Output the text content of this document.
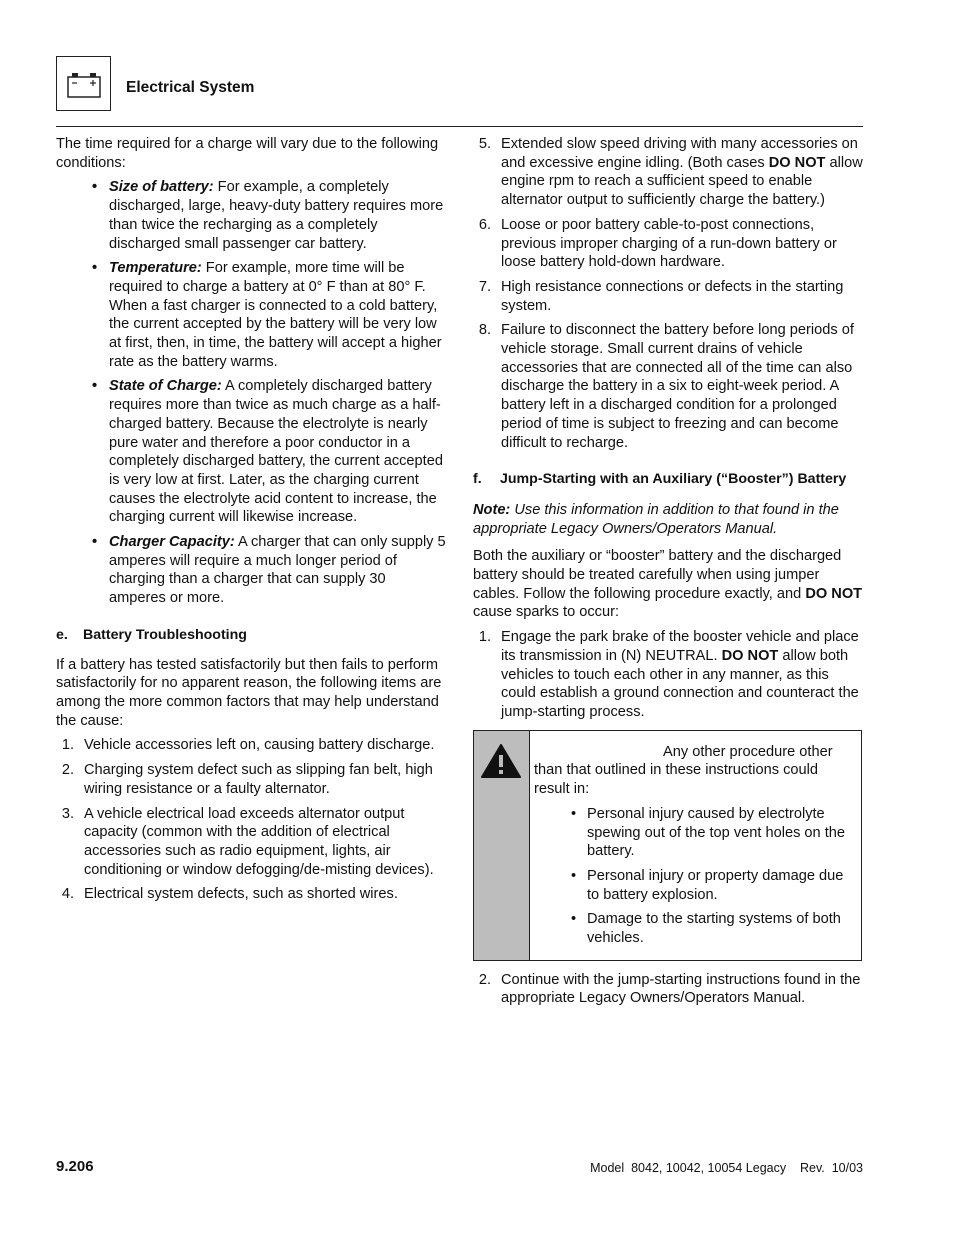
Electrical System

The time required for a charge will vary due to the following conditions:

• Size of battery: For example, a completely discharged, large, heavy-duty battery requires more than twice the recharging as a completely discharged small passenger car battery.
• Temperature: For example, more time will be required to charge a battery at 0° F than at 80° F. When a fast charger is connected to a cold battery, the current accepted by the battery will be very low at first, then, in time, the battery will accept a higher rate as the battery warms.
• State of Charge: A completely discharged battery requires more than twice as much charge as a half-charged battery. Because the electrolyte is nearly pure water and therefore a poor conductor in a completely discharged battery, the current accepted is very low at first. Later, as the charging current causes the electrolyte acid content to increase, the charging current will likewise increase.
• Charger Capacity: A charger that can only supply 5 amperes will require a much longer period of charging than a charger that can supply 30 amperes or more.
e. Battery Troubleshooting

If a battery has tested satisfactorily but then fails to perform satisfactorily for no apparent reason, the following items are among the more common factors that may help understand the cause:

1. Vehicle accessories left on, causing battery discharge.
2. Charging system defect such as slipping fan belt, high wiring resistance or a faulty alternator.
3. A vehicle electrical load exceeds alternator output capacity (common with the addition of electrical accessories such as radio equipment, lights, air conditioning or window defogging/de-misting devices).
4. Electrical system defects, such as shorted wires.
5. Extended slow speed driving with many accessories on and excessive engine idling. (Both cases DO NOT allow engine rpm to reach a sufficient speed to enable alternator output to sufficiently charge the battery.)
6. Loose or poor battery cable-to-post connections, previous improper charging of a run-down battery or loose battery hold-down hardware.
7. High resistance connections or defects in the starting system.
8. Failure to disconnect the battery before long periods of vehicle storage. Small current drains of vehicle accessories that are connected all of the time can also discharge the battery in a six to eight-week period. A battery left in a discharged condition for a prolonged period of time is subject to freezing and can become difficult to recharge.
f. Jump-Starting with an Auxiliary (“Booster”) Battery

Note: Use this information in addition to that found in the appropriate Legacy Owners/Operators Manual.

Both the auxiliary or “booster” battery and the discharged battery should be treated carefully when using jumper cables. Follow the following procedure exactly, and DO NOT cause sparks to occur:

1. Engage the park brake of the booster vehicle and place its transmission in (N) NEUTRAL. DO NOT allow both vehicles to touch each other in any manner, as this could establish a ground connection and counteract the jump-starting process.

Any other procedure other than that outlined in these instructions could result in:

• Personal injury caused by electrolyte spewing out of the top vent holes on the battery.
• Personal injury or property damage due to battery explosion.
• Damage to the starting systems of both vehicles.
2. Continue with the jump-starting instructions found in the appropriate Legacy Owners/Operators Manual.
9.206	Model  8042, 10042, 10054 Legacy    Rev.  10/03
